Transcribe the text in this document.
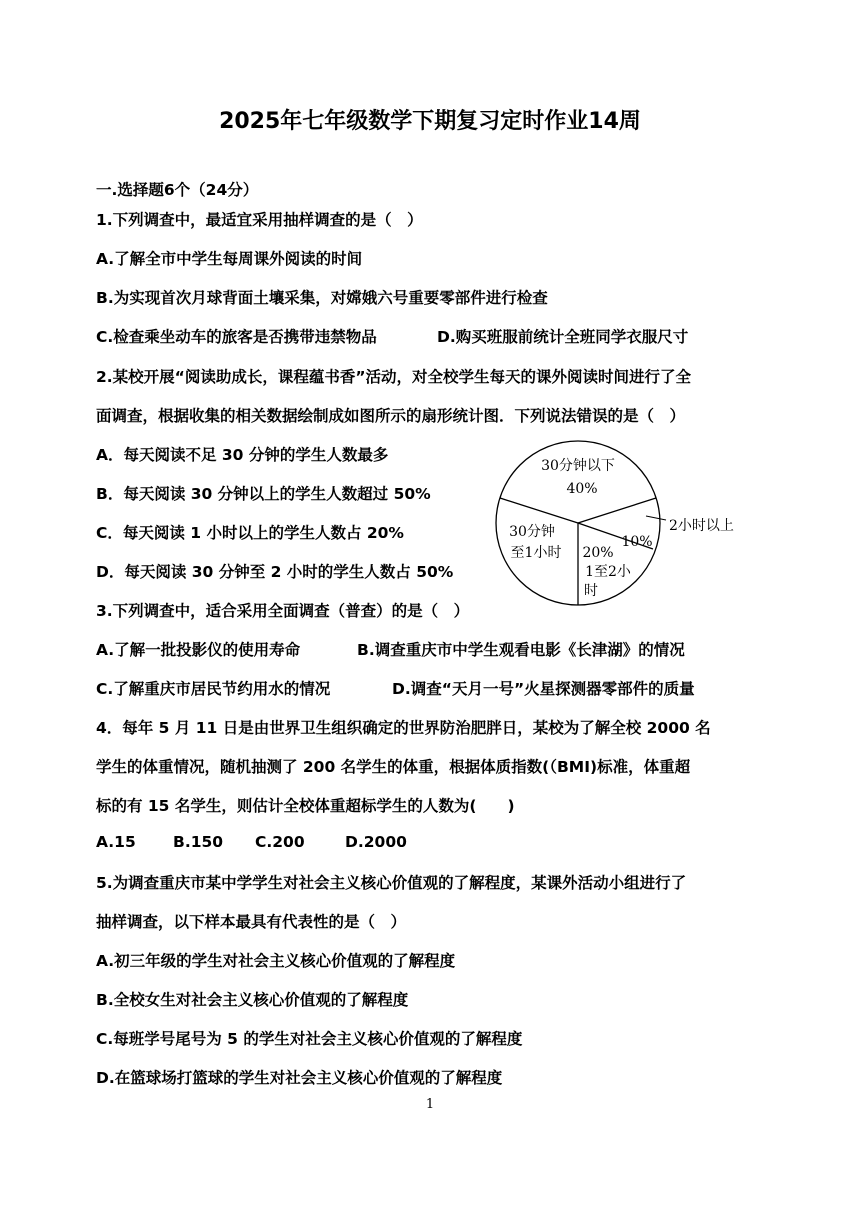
2025年七年级数学下期复习定时作业14周
一.选择题6个（24分）
1.下列调查中，最适宜采用抽样调查的是（　）
A.了解全市中学生每周课外阅读的时间
B.为实现首次月球背面土壤采集，对嫦娥六号重要零部件进行检查
C.检查乘坐动车的旅客是否携带违禁物品	D.购买班服前统计全班同学衣服尺寸
2.某校开展“阅读助成长，课程蕴书香”活动，对全校学生每天的课外阅读时间进行了全
面调查，根据收集的相关数据绘制成如图所示的扇形统计图．下列说法错误的是（　）
A．每天阅读不足 30 分钟的学生人数最多
B．每天阅读 30 分钟以上的学生人数超过 50%
C．每天阅读 1 小时以上的学生人数占 20%
D．每天阅读 30 分钟至 2 小时的学生人数占 50%
30分钟以下
40%
2小时以上
10%
20%
1至2小
时
30分钟
至1小时
3.下列调查中，适合采用全面调查（普查）的是（　）
A.了解一批投影仪的使用寿命	B.调查重庆市中学生观看电影《长津湖》的情况
C.了解重庆市居民节约用水的情况	D.调查“天月一号”火星探测器零部件的质量
4．每年 5 月 11 日是由世界卫生组织确定的世界防治肥胖日，某校为了解全校 2000 名
学生的体重情况，随机抽测了 200 名学生的体重，根据体质指数(（BMI)标准，体重超
标的有 15 名学生，则估计全校体重超标学生的人数为(　　)
A.15 B.150 C.200	D.2000
5.为调查重庆市某中学学生对社会主义核心价值观的了解程度，某课外活动小组进行了
抽样调查，以下样本最具有代表性的是（　）
A.初三年级的学生对社会主义核心价值观的了解程度
B.全校女生对社会主义核心价值观的了解程度
C.每班学号尾号为 5 的学生对社会主义核心价值观的了解程度
D.在篮球场打篮球的学生对社会主义核心价值观的了解程度
1
